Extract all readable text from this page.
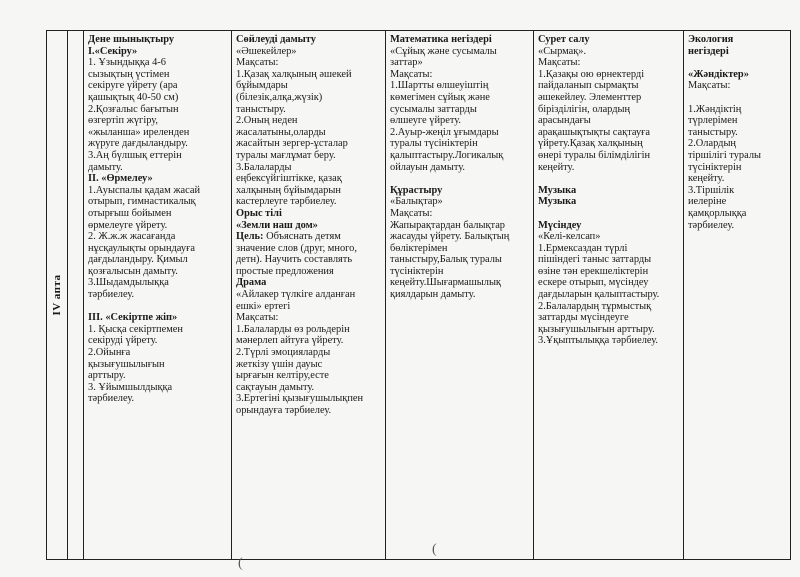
IV апта

Дене шынықтыру

I.«Секіру»

1. Ұзындыққа 4-6

сызықтың үстімен

секіруге үйрету (ара

қашықтық 40-50 см)

2.Қозғалыс бағытын

өзгертіп жүгіру,

«жыланша» иреленден

жүруге дағдыландыру.

3.Аң бүлшық еттерін

дамыту.

II. «Өрмелеу»

1.Ауыспалы қадам жасай

отырып, гимнастикалық

отырғыш бойымен

өрмелеуге үйрету.

2. Ж.ж.ж жасағанда

нұсқаулықты орындауға

дағдыландыру. Қимыл

қозғалысын дамыту.

3.Шыдамдылыққа

тәрбиелеу.

III. «Секіртпе жіп»

1. Қысқа секіртпемен

секіруді үйрету.

2.Ойынға

қызығушылығын

арттыру.

3. Ұйымшылдыққа

тәрбиелеу.

Сөйлеуді дамыту

«Әшекейлер»

Мақсаты:

1.Қазақ халқының әшекей

бұйымдары

(білезік,алқа,жүзік)

таныстыру.

2.Оның неден

жасалатыны,оларды

жасайтын зергер-ұсталар

туралы мағлұмат беру.

3.Балаларды

еңбексүйгіштікке, қазақ

халқының бұйымдарын

кастерлеуге тәрбиелеу.

Орыс тілі

«Земли наш дом»

Цель: Объяснать детям

значение слов (друг, много,

детн). Научить составлять

простые предложения

Драма

«Айлакер түлкіге алданған

ешкі» ертегі

Мақсаты:

1.Балаларды өз рольдерін

мәнерлеп айтуға үйрету.

2.Түрлі эмоцияларды

жеткізу үшін дауыс

ырғағын келтіру,есте

сақтауын дамыту.

3.Ертегіні қызығушылықпен

орындауға тәрбиелеу.

Математика негіздері

«Сұйық және сусымалы

заттар»

Мақсаты:

1.Шартты өлшеуіштің

көмегімен сұйық және

сусымалы заттарды

өлшеуге үйрету.

2.Ауыр-жеңіл ұғымдары

туралы түсініктерін

қалыптастыру.Логикалық

ойлауын дамыту.

Құрастыру

«Балықтар»

Мақсаты:

Жапырақтардан балықтар

жасауды үйрету. Балықтың

бөліктерімен

таныстыру,Балық туралы

түсініктерін

кеңейту.Шығармашылық

қиялдарын дамыту.

Сурет салу

«Сырмақ».

Мақсаты:

1.Қазақы ою өрнектерді

пайдаланып сырмақты

әшекейлеу. Элементтер

бірізділігін, олардың

арасындағы

арақашықтықты сақтауға

үйрету.Қазақ халқының

өнері туралы білімділігін

кеңейту.

Музыка

Музыка

Мүсіндеу

«Келі-келсап»

1.Ермексаздан түрлі

пішіндегі таныс заттарды

өзіне тән ерекшеліктерін

ескере отырып, мүсіндеу

дағдыларын қалыптастыру.

2.Балалардың тұрмыстық

заттарды мүсіндеуге

қызығушылығын арттыру.

3.Ұқыптылыққа тәрбиелеу.

Экология

негіздері

«Жәндіктер»

Мақсаты:

1.Жәндіктің

түрлерімен

таныстыру.

2.Олардың

тіршілігі туралы

түсініктерін

кеңейту.

3.Тіршілік

иелеріне

қамқорлыққа

тәрбиелеу.

(
(
